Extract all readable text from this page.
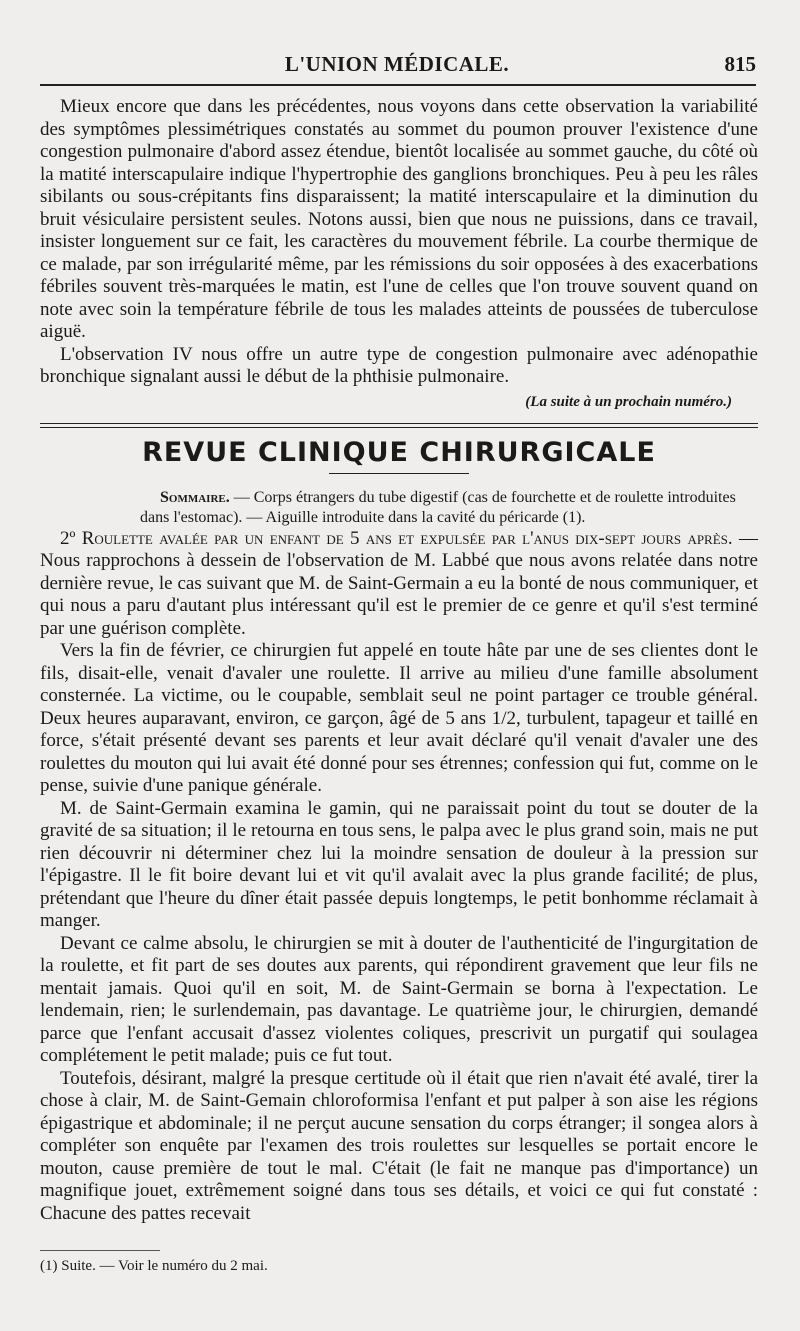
L'UNION MÉDICALE.	815

Mieux encore que dans les précédentes, nous voyons dans cette observation la variabilité des symptômes plessimétriques constatés au sommet du poumon prouver l'existence d'une congestion pulmonaire d'abord assez étendue, bientôt localisée au sommet gauche, du côté où la matité interscapulaire indique l'hypertrophie des ganglions bronchiques. Peu à peu les râles sibilants ou sous-crépitants fins disparaissent; la matité interscapulaire et la diminution du bruit vésiculaire persistent seules. Notons aussi, bien que nous ne puissions, dans ce travail, insister longuement sur ce fait, les caractères du mouvement fébrile. La courbe thermique de ce malade, par son irrégularité même, par les rémissions du soir opposées à des exacerbations fébriles souvent très-marquées le matin, est l'une de celles que l'on trouve souvent quand on note avec soin la température fébrile de tous les malades atteints de poussées de tuberculose aiguë.

L'observation IV nous offre un autre type de congestion pulmonaire avec adénopathie bronchique signalant aussi le début de la phthisie pulmonaire.

(La suite à un prochain numéro.)
REVUE CLINIQUE CHIRURGICALE

Sommaire. — Corps étrangers du tube digestif (cas de fourchette et de roulette introduites dans l'estomac). — Aiguille introduite dans la cavité du péricarde (1).

2º Roulette avalée par un enfant de 5 ans et expulsée par l'anus dix-sept jours après. — Nous rapprochons à dessein de l'observation de M. Labbé que nous avons relatée dans notre dernière revue, le cas suivant que M. de Saint-Germain a eu la bonté de nous communiquer, et qui nous a paru d'autant plus intéressant qu'il est le premier de ce genre et qu'il s'est terminé par une guérison complète.

Vers la fin de février, ce chirurgien fut appelé en toute hâte par une de ses clientes dont le fils, disait-elle, venait d'avaler une roulette. Il arrive au milieu d'une famille absolument consternée. La victime, ou le coupable, semblait seul ne point partager ce trouble général. Deux heures auparavant, environ, ce garçon, âgé de 5 ans 1/2, turbulent, tapageur et taillé en force, s'était présenté devant ses parents et leur avait déclaré qu'il venait d'avaler une des roulettes du mouton qui lui avait été donné pour ses étrennes; confession qui fut, comme on le pense, suivie d'une panique générale.

M. de Saint-Germain examina le gamin, qui ne paraissait point du tout se douter de la gravité de sa situation; il le retourna en tous sens, le palpa avec le plus grand soin, mais ne put rien découvrir ni déterminer chez lui la moindre sensation de douleur à la pression sur l'épigastre. Il le fit boire devant lui et vit qu'il avalait avec la plus grande facilité; de plus, prétendant que l'heure du dîner était passée depuis longtemps, le petit bonhomme réclamait à manger.

Devant ce calme absolu, le chirurgien se mit à douter de l'authenticité de l'ingurgitation de la roulette, et fit part de ses doutes aux parents, qui répondirent gravement que leur fils ne mentait jamais. Quoi qu'il en soit, M. de Saint-Germain se borna à l'expectation. Le lendemain, rien; le surlendemain, pas davantage. Le quatrième jour, le chirurgien, demandé parce que l'enfant accusait d'assez violentes coliques, prescrivit un purgatif qui soulagea complétement le petit malade; puis ce fut tout.

Toutefois, désirant, malgré la presque certitude où il était que rien n'avait été avalé, tirer la chose à clair, M. de Saint-Gemain chloroformisa l'enfant et put palper à son aise les régions épigastrique et abdominale; il ne perçut aucune sensation du corps étranger; il songea alors à compléter son enquête par l'examen des trois roulettes sur lesquelles se portait encore le mouton, cause première de tout le mal. C'était (le fait ne manque pas d'importance) un magnifique jouet, extrêmement soigné dans tous ses détails, et voici ce qui fut constaté : Chacune des pattes recevait

(1) Suite. — Voir le numéro du 2 mai.
